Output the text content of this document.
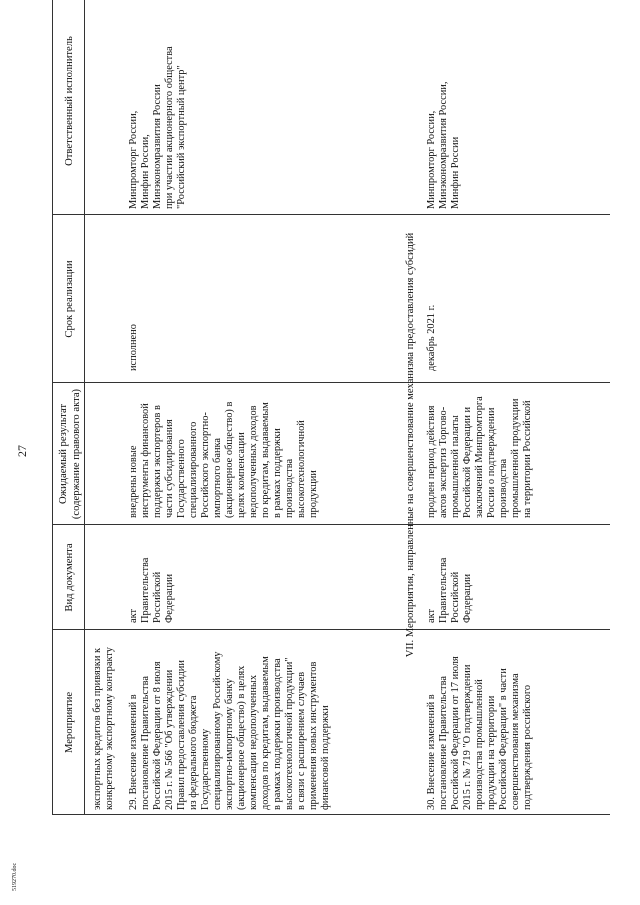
27
519270.doc
Мероприятие
Вид документа
Ожидаемый результат (содержание правового акта)
Срок реализации
Ответственный исполнитель
экспортных кредитов без привязки к конкретному экспортному контракту 29. Внесение изменений в постановление Правительства Российской Федерации от 8 июля 2015 г. № 566 "Об утверждении Правил предоставления субсидии из федерального бюджета Государственному специализированному Российскому экспортно-импортному банку (акционерное общество) в целях компенсации недополученных доходов по кредитам, выдаваемым в рамках поддержки производства высокотехнологичной продукции" в связи с расширением случаев применения новых инструментов финансовой поддержки
акт Правительства Российской Федерации
внедрены новые инструменты финансовой поддержки экспортеров в части субсидирования Государственного специализированного Российского экспортно- импортного банка (акционерное общество) в целях компенсации недополученных доходов по кредитам, выдаваемым в рамках поддержки производства высокотехнологичной продукции
исполнено
Минпромторг России, Минфин России, Минэкономразвития России при участии акционерного общества "Российский экспортный центр"
VII. Мероприятия, направленные на совершенствование механизма предоставления субсидий
30. Внесение изменений в постановление Правительства Российской Федерации от 17 июля 2015 г. № 719 "О подтверждении производства промышленной продукции на территории Российской Федерации" в части совершенствования механизма подтверждения российского
акт Правительства Российской Федерации
продлен период действия актов экспертиз Торгово- промышленной палаты Российской Федерации и заключений Минпромторга России о подтверждении производства промышленной продукции на территории Российской
декабрь 2021 г.
Минпромторг России, Минэкономразвития России, Минфин России
